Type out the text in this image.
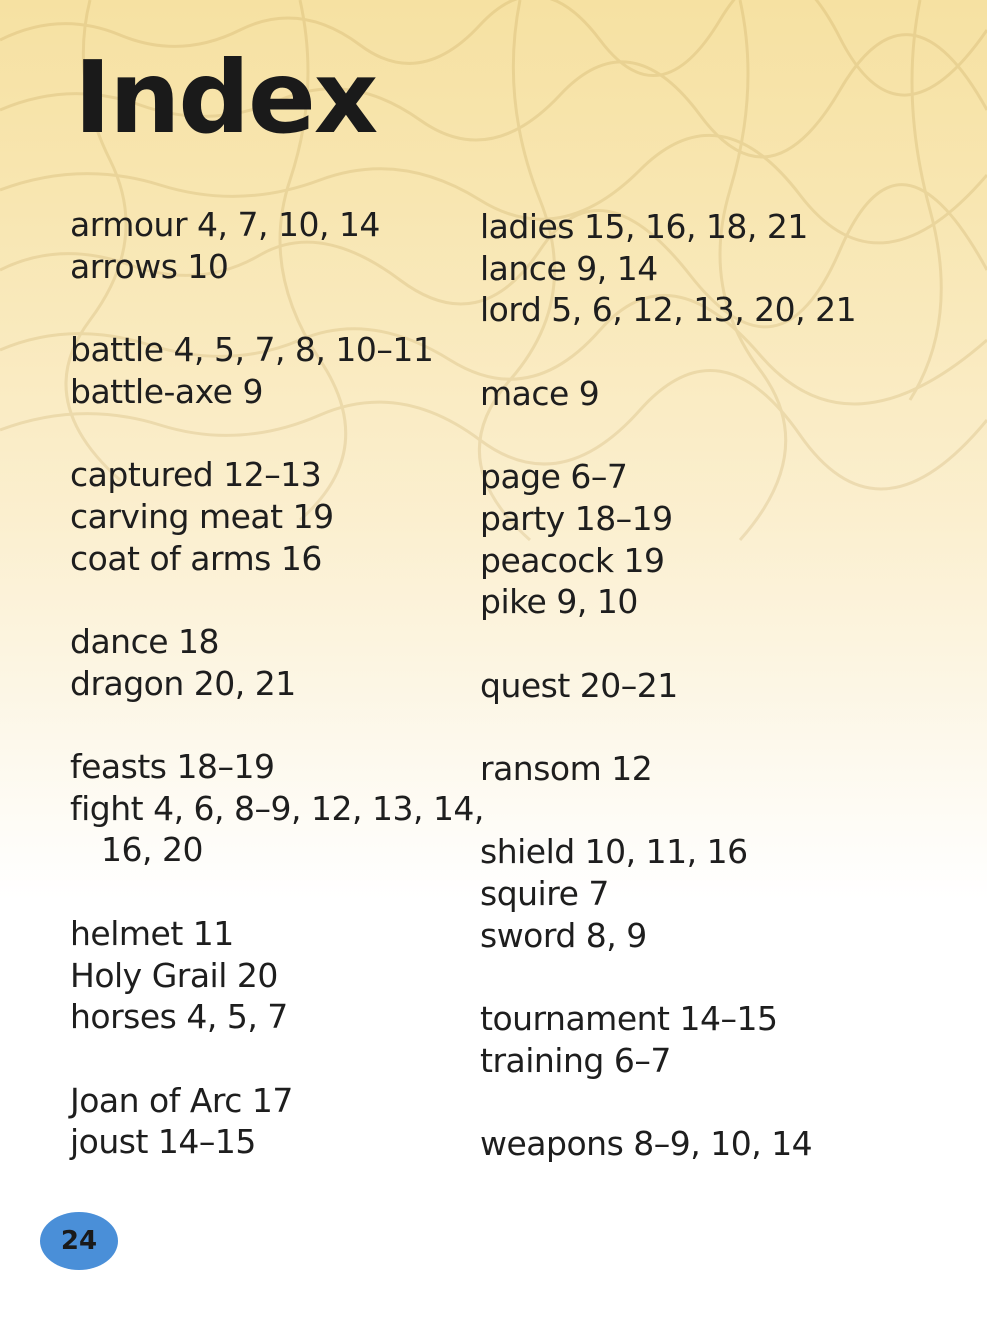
Index
armour 4, 7, 10, 14
arrows 10
battle 4, 5, 7, 8, 10–11
battle-axe 9
captured 12–13
carving meat 19
coat of arms 16
dance 18
dragon 20, 21
feasts 18–19
fight 4, 6, 8–9, 12, 13, 14,
16, 20
helmet 11
Holy Grail 20
horses 4, 5, 7
Joan of Arc 17
joust 14–15
ladies 15, 16, 18, 21
lance 9, 14
lord 5, 6, 12, 13, 20, 21
mace 9
page 6–7
party 18–19
peacock 19
pike 9, 10
quest 20–21
ransom 12
shield 10, 11, 16
squire 7
sword 8, 9
tournament 14–15
training 6–7
weapons 8–9, 10, 14
24
